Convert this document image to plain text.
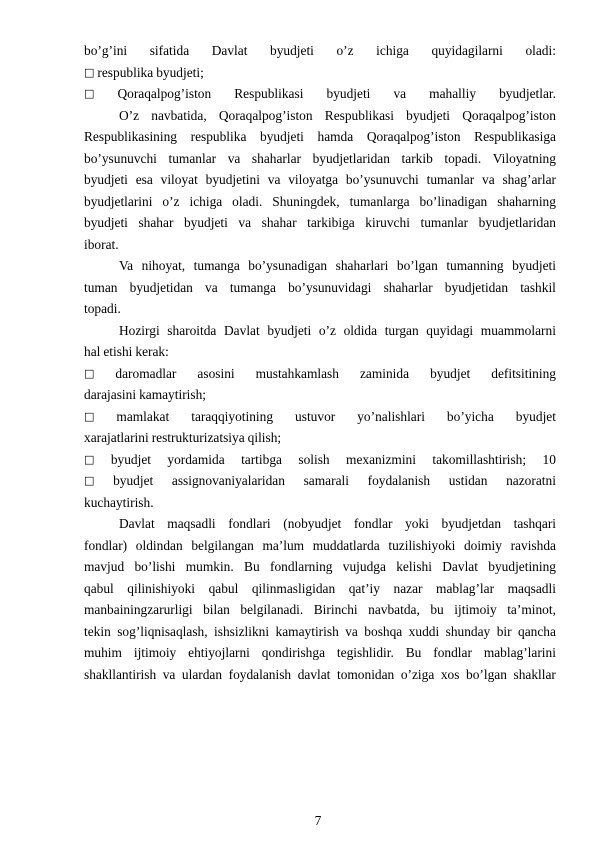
bo’g’ini sifatida Davlat byudjeti o’z ichiga quyidagilarni oladi:
□ respublika byudjeti;
□ Qoraqalpog’iston Respublikasi byudjeti va mahalliy byudjetlar.
O’z navbatida, Qoraqalpog’iston Respublikasi byudjeti Qoraqalpog’iston
Respublikasining respublika byudjeti hamda Qoraqalpog’iston Respublikasiga
bo’ysunuvchi tumanlar va shaharlar byudjetlaridan tarkib topadi. Viloyatning
byudjeti esa viloyat byudjetini va viloyatga bo’ysunuvchi tumanlar va shag’arlar
byudjetlarini o’z ichiga oladi. Shuningdek, tumanlarga bo’linadigan shaharning
byudjeti shahar byudjeti va shahar tarkibiga kiruvchi tumanlar byudjetlaridan
iborat.
Va nihoyat, tumanga bo’ysunadigan shaharlari bo’lgan tumanning byudjeti
tuman byudjetidan va tumanga bo’ysunuvidagi shaharlar byudjetidan tashkil
topadi.
Hozirgi sharoitda Davlat byudjeti o’z oldida turgan quyidagi muammolarni
hal etishi kerak:
□ daromadlar asosini mustahkamlash zaminida byudjet defitsitining
darajasini kamaytirish;
□ mamlakat taraqqiyotining ustuvor yo’nalishlari bo’yicha byudjet
xarajatlarini restrukturizatsiya qilish;
□ byudjet yordamida tartibga solish mexanizmini takomillashtirish; 10
□ byudjet assignovaniyalaridan samarali foydalanish ustidan nazoratni
kuchaytirish.
Davlat maqsadli fondlari (nobyudjet fondlar yoki byudjetdan tashqari
fondlar) oldindan belgilangan ma’lum muddatlarda tuzilishiyoki doimiy ravishda
mavjud bo’lishi mumkin. Bu fondlarning vujudga kelishi Davlat byudjetining
qabul qilinishiyoki qabul qilinmasligidan qat’iy nazar mablag’lar maqsadli
manbainingzarurligi bilan belgilanadi. Birinchi navbatda, bu ijtimoiy ta’minot,
tekin sog’liqnisaqlash, ishsizlikni kamaytirish va boshqa xuddi shunday bir qancha
muhim ijtimoiy ehtiyojlarni qondirishga tegishlidir. Bu fondlar mablag’larini
shakllantirish va ulardan foydalanish davlat tomonidan o’ziga xos bo’lgan shakllar
7
